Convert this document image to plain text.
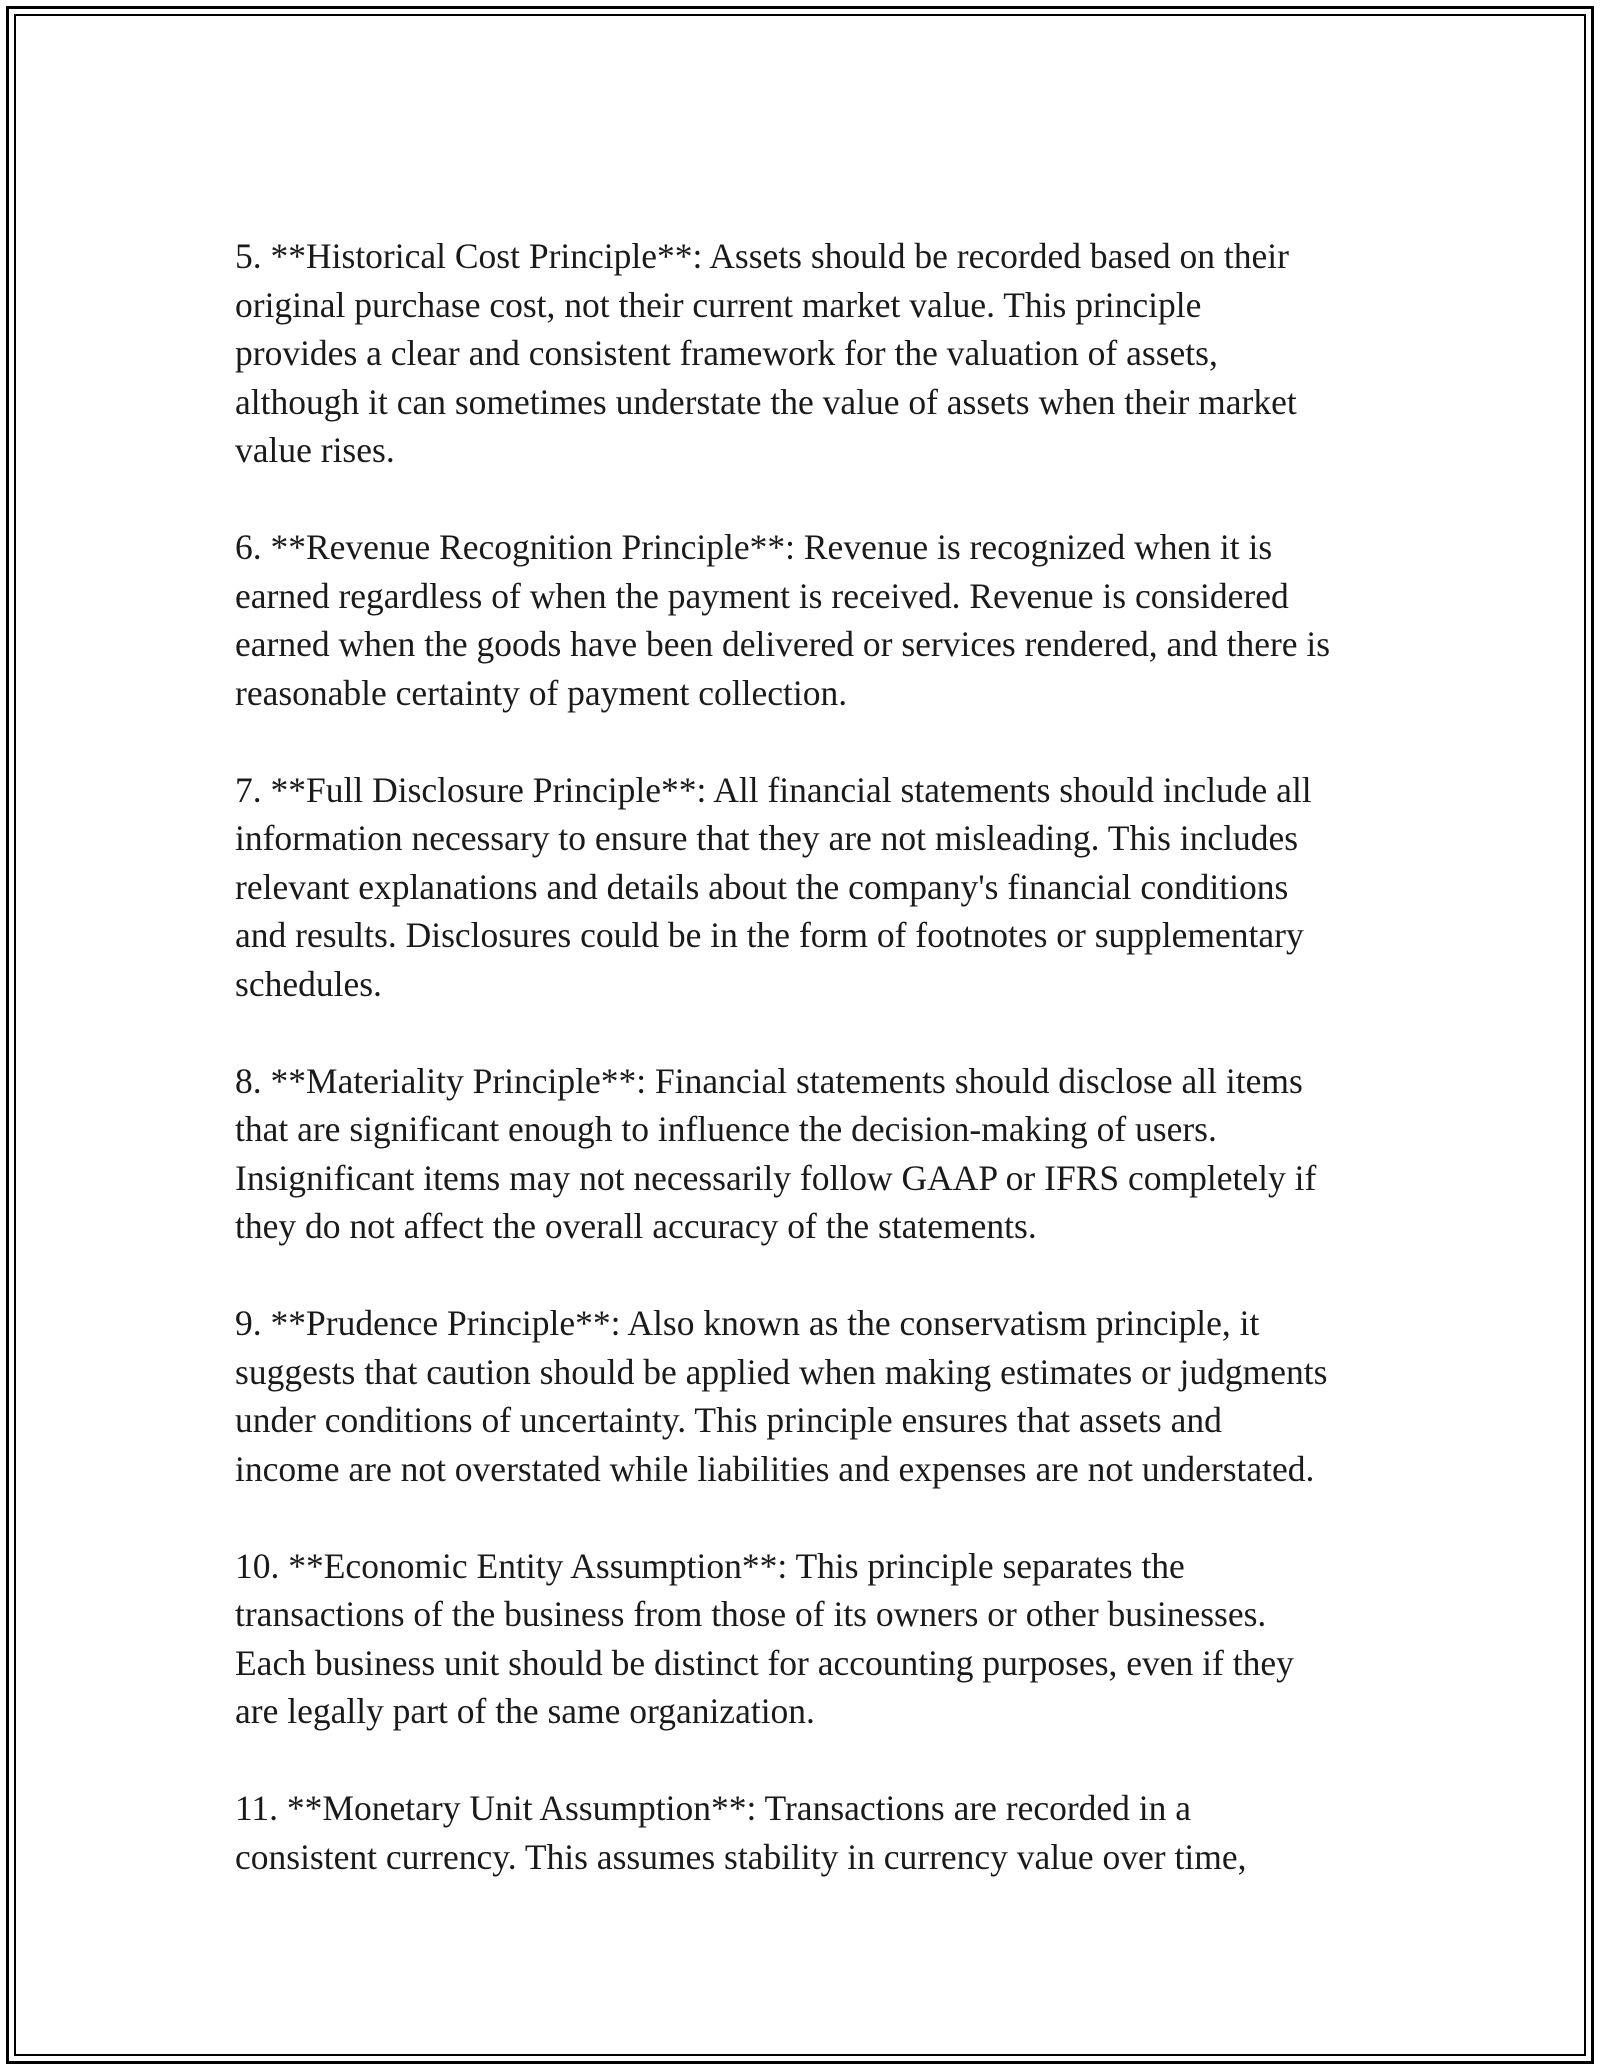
5. **Historical Cost Principle**: Assets should be recorded based on their
original purchase cost, not their current market value. This principle
provides a clear and consistent framework for the valuation of assets,
although it can sometimes understate the value of assets when their market
value rises.

6. **Revenue Recognition Principle**: Revenue is recognized when it is
earned regardless of when the payment is received. Revenue is considered
earned when the goods have been delivered or services rendered, and there is
reasonable certainty of payment collection.

7. **Full Disclosure Principle**: All financial statements should include all
information necessary to ensure that they are not misleading. This includes
relevant explanations and details about the company's financial conditions
and results. Disclosures could be in the form of footnotes or supplementary
schedules.

8. **Materiality Principle**: Financial statements should disclose all items
that are significant enough to influence the decision-making of users.
Insignificant items may not necessarily follow GAAP or IFRS completely if
they do not affect the overall accuracy of the statements.

9. **Prudence Principle**: Also known as the conservatism principle, it
suggests that caution should be applied when making estimates or judgments
under conditions of uncertainty. This principle ensures that assets and
income are not overstated while liabilities and expenses are not understated.

10. **Economic Entity Assumption**: This principle separates the
transactions of the business from those of its owners or other businesses.
Each business unit should be distinct for accounting purposes, even if they
are legally part of the same organization.

11. **Monetary Unit Assumption**: Transactions are recorded in a
consistent currency. This assumes stability in currency value over time,
